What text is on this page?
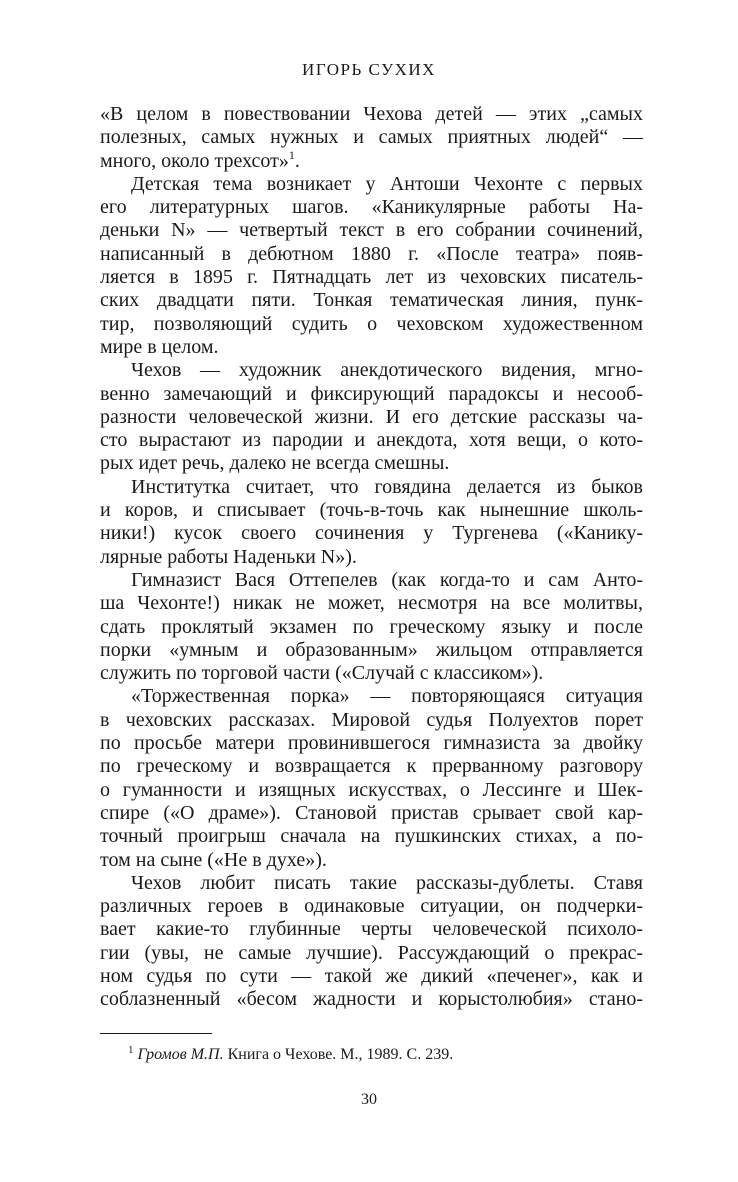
ИГОРЬ СУХИХ
«В целом в повествовании Чехова детей — этих „самых
полезных, самых нужных и самых приятных людей“ —
много, около трехсот»$^1$.
Детская тема возникает у Антоши Чехонте с первых
его литературных шагов. «Каникулярные работы На-
деньки N» — четвертый текст в его собрании сочинений,
написанный в дебютном 1880 г. «После театра» появ-
ляется в 1895 г. Пятнадцать лет из чеховских писатель-
ских двадцати пяти. Тонкая тематическая линия, пунк-
тир, позволяющий судить о чеховском художественном
мире в целом.
Чехов — художник анекдотического видения, мгно-
венно замечающий и фиксирующий парадоксы и несооб-
разности человеческой жизни. И его детские рассказы ча-
сто вырастают из пародии и анекдота, хотя вещи, о кото-
рых идет речь, далеко не всегда смешны.
Институтка считает, что говядина делается из быков
и коров, и списывает (точь-в-точь как нынешние школь-
ники!) кусок своего сочинения у Тургенева («Канику-
лярные работы Наденьки N»).
Гимназист Вася Оттепелев (как когда-то и сам Анто-
ша Чехонте!) никак не может, несмотря на все молитвы,
сдать проклятый экзамен по греческому языку и после
порки «умным и образованным» жильцом отправляется
служить по торговой части («Случай с классиком»).
«Торжественная порка» — повторяющаяся ситуация
в чеховских рассказах. Мировой судья Полуехтов порет
по просьбе матери провинившегося гимназиста за двойку
по греческому и возвращается к прерванному разговору
о гуманности и изящных искусствах, о Лессинге и Шек-
спире («О драме»). Становой пристав срывает свой кар-
точный проигрыш сначала на пушкинских стихах, а по-
том на сыне («Не в духе»).
Чехов любит писать такие рассказы-дублеты. Ставя
различных героев в одинаковые ситуации, он подчерки-
вает какие-то глубинные черты человеческой психоло-
гии (увы, не самые лучшие). Рассуждающий о прекрас-
ном судья по сути — такой же дикий «печенег», как и
соблазненный «бесом жадности и корыстолюбия» стано-
$^1$ Громов М.П. Книга о Чехове. М., 1989. С. 239.
30
